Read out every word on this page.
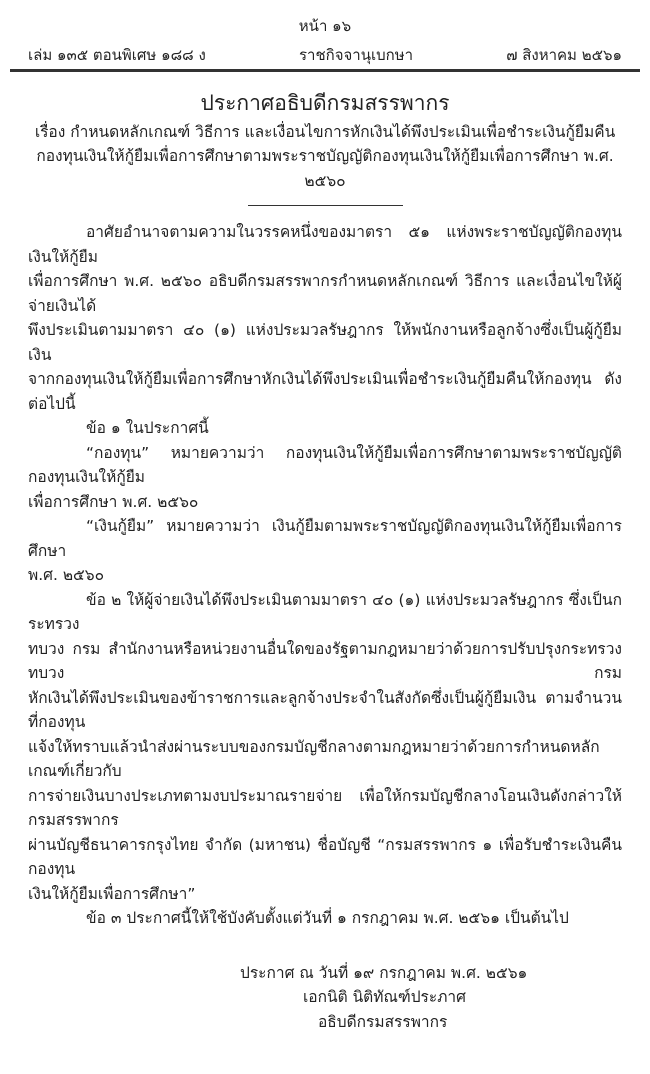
หน้า ๑๖
เล่ม ๑๓๕ ตอนพิเศษ ๑๘๘ ง	ราชกิจจานุเบกษา	๗ สิงหาคม ๒๕๖๑
ประกาศอธิบดีกรมสรรพากร
เรื่อง กำหนดหลักเกณฑ์ วิธีการ และเงื่อนไขการหักเงินได้พึงประเมินเพื่อชำระเงินกู้ยืมคืน
กองทุนเงินให้กู้ยืมเพื่อการศึกษาตามพระราชบัญญัติกองทุนเงินให้กู้ยืมเพื่อการศึกษา พ.ศ. ๒๕๖๐
อาศัยอำนาจตามความในวรรคหนึ่งของมาตรา ๕๑ แห่งพระราชบัญญัติกองทุนเงินให้กู้ยืม
เพื่อการศึกษา พ.ศ. ๒๕๖๐ อธิบดีกรมสรรพากรกำหนดหลักเกณฑ์ วิธีการ และเงื่อนไขให้ผู้จ่ายเงินได้
พึงประเมินตามมาตรา ๔๐ (๑) แห่งประมวลรัษฎากร ให้พนักงานหรือลูกจ้างซึ่งเป็นผู้กู้ยืมเงิน
จากกองทุนเงินให้กู้ยืมเพื่อการศึกษาหักเงินได้พึงประเมินเพื่อชำระเงินกู้ยืมคืนให้กองทุน ดังต่อไปนี้
ข้อ ๑ ในประกาศนี้
“กองทุน” หมายความว่า กองทุนเงินให้กู้ยืมเพื่อการศึกษาตามพระราชบัญญัติกองทุนเงินให้กู้ยืม
เพื่อการศึกษา พ.ศ. ๒๕๖๐
“เงินกู้ยืม” หมายความว่า เงินกู้ยืมตามพระราชบัญญัติกองทุนเงินให้กู้ยืมเพื่อการศึกษา
พ.ศ. ๒๕๖๐
ข้อ ๒ ให้ผู้จ่ายเงินได้พึงประเมินตามมาตรา ๔๐ (๑) แห่งประมวลรัษฎากร ซึ่งเป็นกระทรวง
ทบวง กรม สำนักงานหรือหน่วยงานอื่นใดของรัฐตามกฎหมายว่าด้วยการปรับปรุงกระทรวง ทบวง กรม
หักเงินได้พึงประเมินของข้าราชการและลูกจ้างประจำในสังกัดซึ่งเป็นผู้กู้ยืมเงิน ตามจำนวนที่กองทุน
แจ้งให้ทราบแล้วนำส่งผ่านระบบของกรมบัญชีกลางตามกฎหมายว่าด้วยการกำหนดหลักเกณฑ์เกี่ยวกับ
การจ่ายเงินบางประเภทตามงบประมาณรายจ่าย เพื่อให้กรมบัญชีกลางโอนเงินดังกล่าวให้กรมสรรพากร
ผ่านบัญชีธนาคารกรุงไทย จำกัด (มหาชน) ชื่อบัญชี “กรมสรรพากร ๑ เพื่อรับชำระเงินคืนกองทุน
เงินให้กู้ยืมเพื่อการศึกษา”
ข้อ ๓ ประกาศนี้ให้ใช้บังคับตั้งแต่วันที่ ๑ กรกฎาคม พ.ศ. ๒๕๖๑ เป็นต้นไป
ประกาศ ณ วันที่ ๑๙ กรกฎาคม พ.ศ. ๒๕๖๑
เอกนิติ นิติทัณฑ์ประภาศ
อธิบดีกรมสรรพากร
